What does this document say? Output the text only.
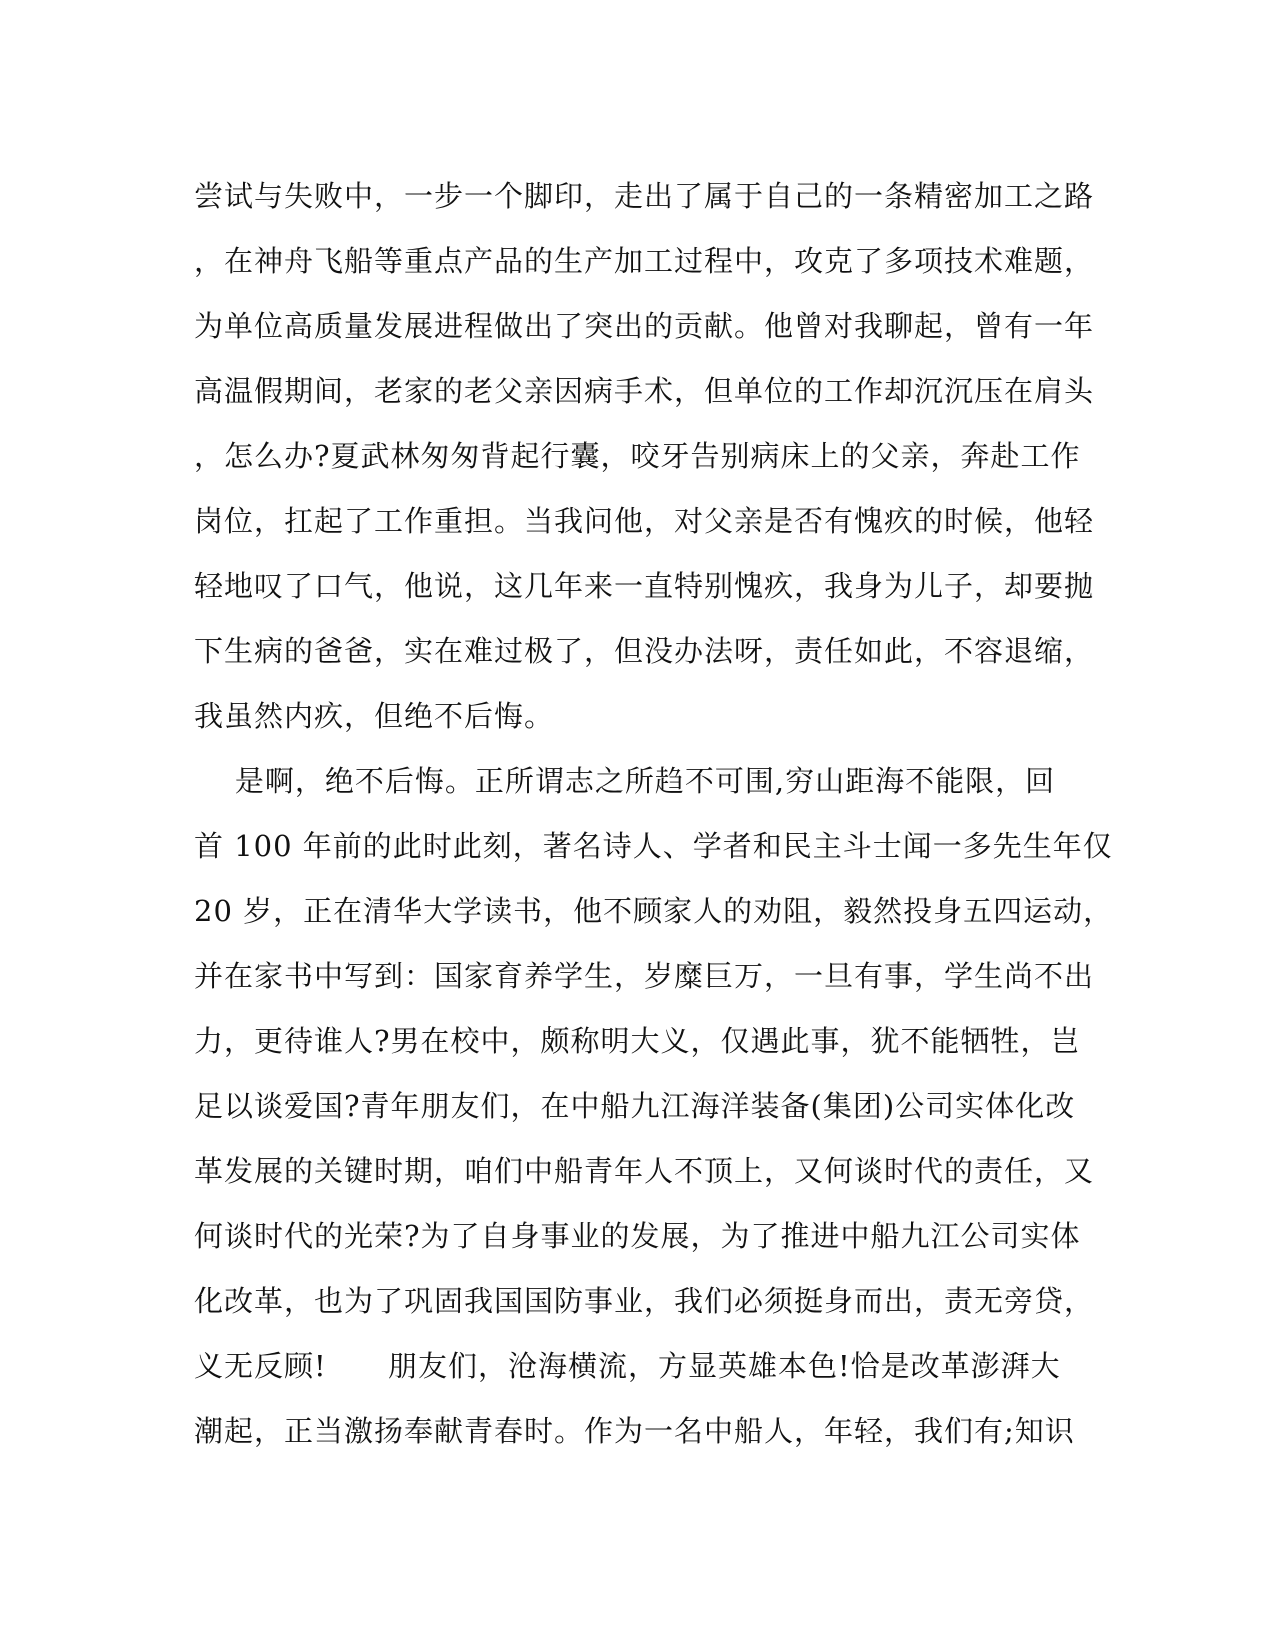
尝试与失败中，一步一个脚印，走出了属于自己的一条精密加工之路
，在神舟飞船等重点产品的生产加工过程中，攻克了多项技术难题，
为单位高质量发展进程做出了突出的贡献。他曾对我聊起，曾有一年
高温假期间，老家的老父亲因病手术，但单位的工作却沉沉压在肩头
，怎么办?夏武林匆匆背起行囊，咬牙告别病床上的父亲，奔赴工作
岗位，扛起了工作重担。当我问他，对父亲是否有愧疚的时候，他轻
轻地叹了口气，他说，这几年来一直特别愧疚，我身为儿子，却要抛
下生病的爸爸，实在难过极了，但没办法呀，责任如此，不容退缩，
我虽然内疚，但绝不后悔。
是啊，绝不后悔。正所谓志之所趋不可围,穷山距海不能限，回
首 100 年前的此时此刻，著名诗人、学者和民主斗士闻一多先生年仅
20 岁，正在清华大学读书，他不顾家人的劝阻，毅然投身五四运动，
并在家书中写到：国家育养学生，岁糜巨万，一旦有事，学生尚不出
力，更待谁人?男在校中，颇称明大义，仅遇此事，犹不能牺牲，岂
足以谈爱国?青年朋友们，在中船九江海洋装备(集团)公司实体化改
革发展的关键时期，咱们中船青年人不顶上，又何谈时代的责任，又
何谈时代的光荣?为了自身事业的发展，为了推进中船九江公司实体
化改革，也为了巩固我国国防事业，我们必须挺身而出，责无旁贷，
义无反顾!      朋友们，沧海横流，方显英雄本色!恰是改革澎湃大
潮起，正当激扬奉献青春时。作为一名中船人，年轻，我们有;知识
